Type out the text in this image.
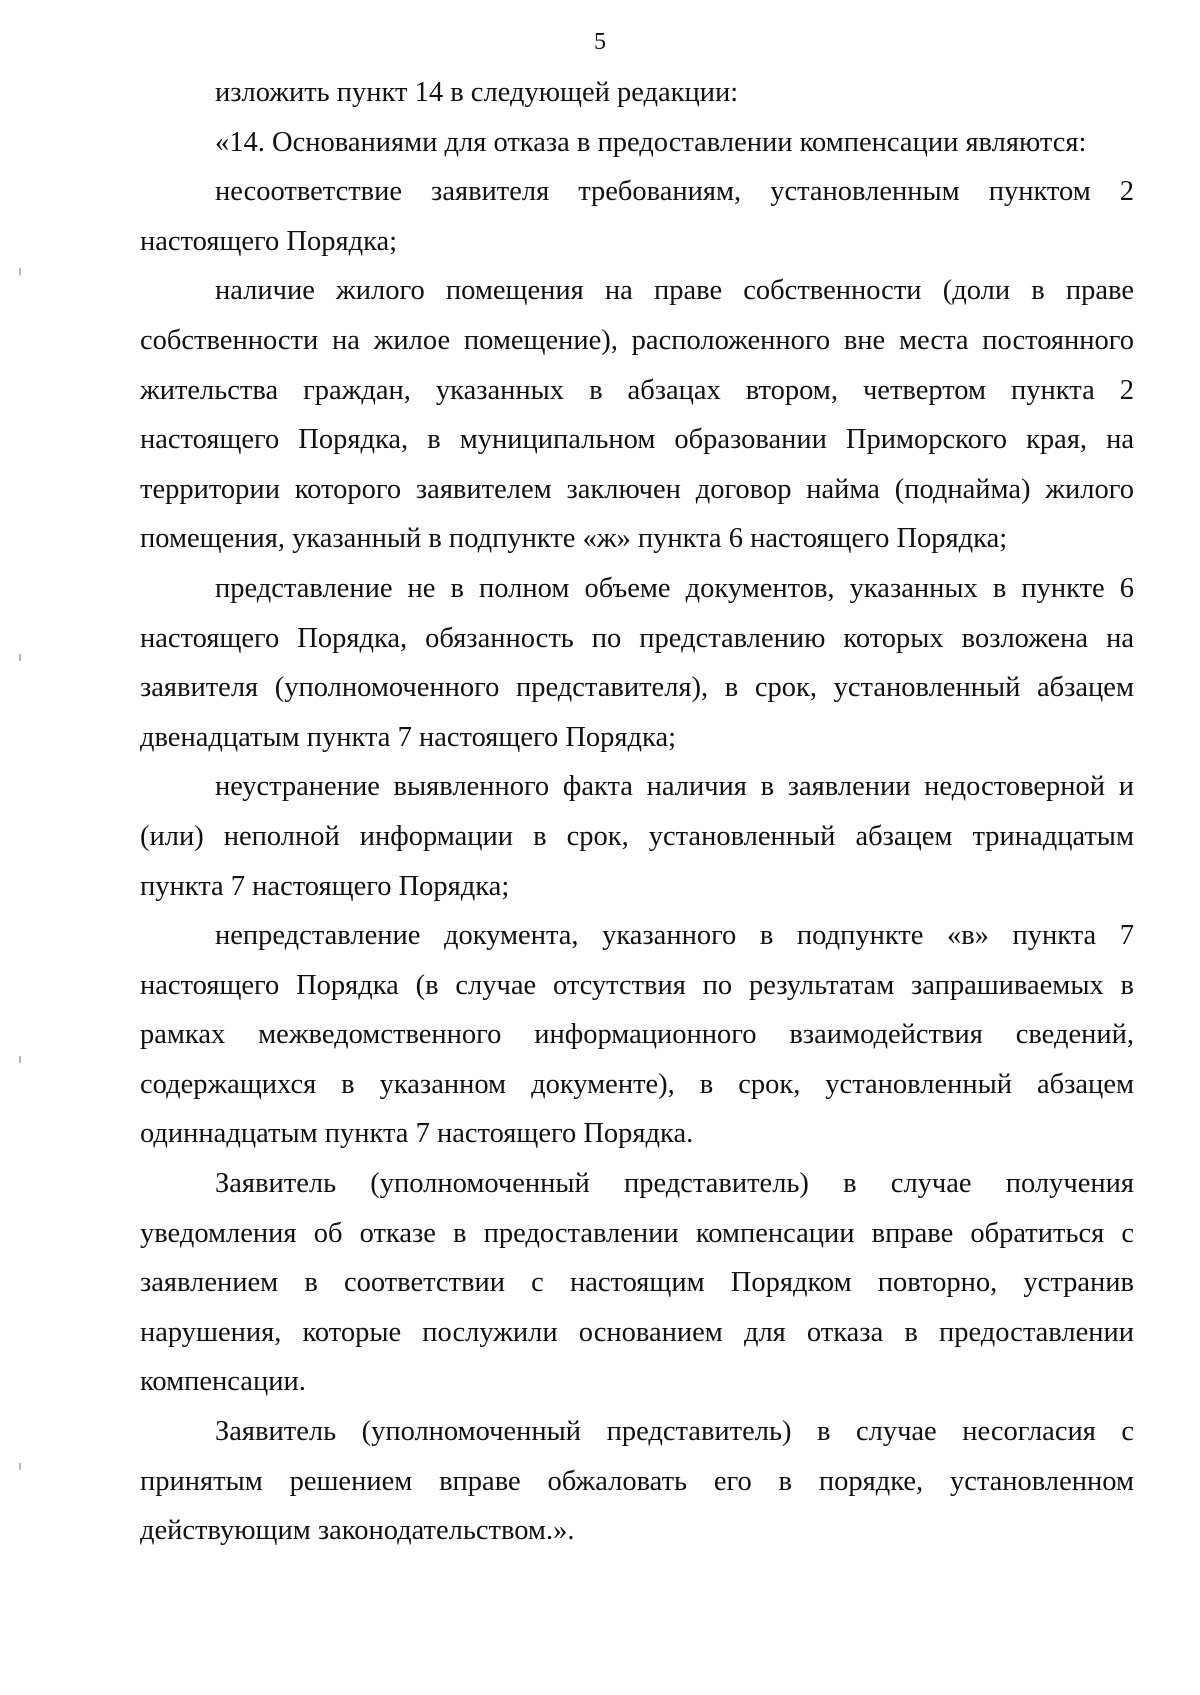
5

изложить пункт 14 в следующей редакции:

«14. Основаниями для отказа в предоставлении компенсации являются:

несоответствие заявителя требованиям, установленным пунктом 2 настоящего Порядка;

наличие жилого помещения на праве собственности (доли в праве собственности на жилое помещение), расположенного вне места постоянного жительства граждан, указанных в абзацах втором, четвертом пункта 2 настоящего Порядка, в муниципальном образовании Приморского края, на территории которого заявителем заключен договор найма (поднайма) жилого помещения, указанный в подпункте «ж» пункта 6 настоящего Порядка;

представление не в полном объеме документов, указанных в пункте 6 настоящего Порядка, обязанность по представлению которых возложена на заявителя (уполномоченного представителя), в срок, установленный абзацем двенадцатым пункта 7 настоящего Порядка;

неустранение выявленного факта наличия в заявлении недостоверной и (или) неполной информации в срок, установленный абзацем тринадцатым пункта 7 настоящего Порядка;

непредставление документа, указанного в подпункте «в» пункта 7 настоящего Порядка (в случае отсутствия по результатам запрашиваемых в рамках межведомственного информационного взаимодействия сведений, содержащихся в указанном документе), в срок, установленный абзацем одиннадцатым пункта 7 настоящего Порядка.

Заявитель (уполномоченный представитель) в случае получения уведомления об отказе в предоставлении компенсации вправе обратиться с заявлением в соответствии с настоящим Порядком повторно, устранив нарушения, которые послужили основанием для отказа в предоставлении компенсации.

Заявитель (уполномоченный представитель) в случае несогласия с принятым решением вправе обжаловать его в порядке, установленном действующим законодательством.».
